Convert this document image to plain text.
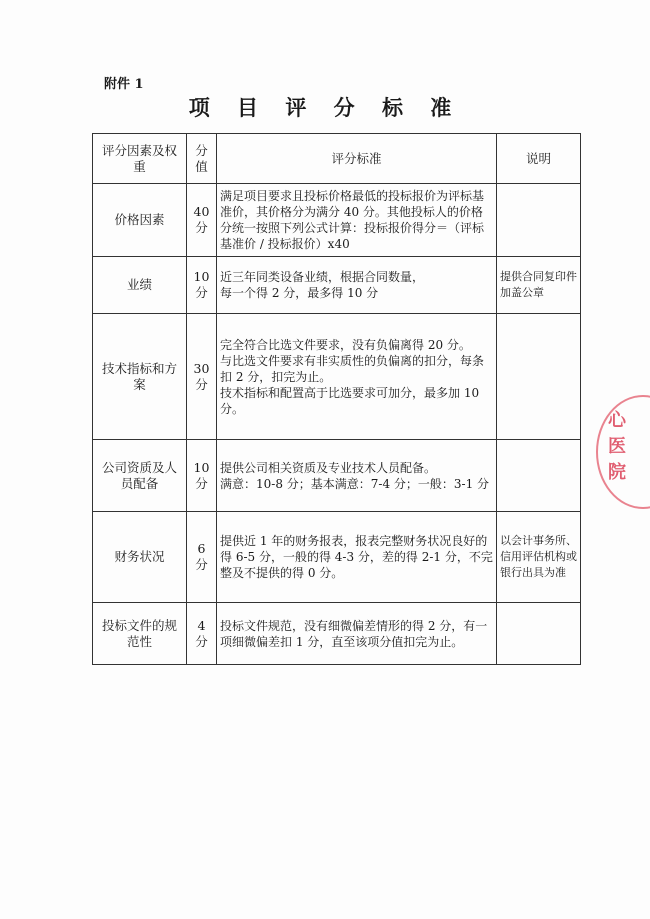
附件 1
项 目 评 分 标 准
评分因素及权重	分值	评分标准	说明
价格因素	40 分	满足项目要求且投标价格最低的投标报价为评标基准价，其价格分为满分 40 分。其他投标人的价格分统一按照下列公式计算：投标报价得分＝（评标基准价 / 投标报价）x40	

业绩	10 分	近三年同类设备业绩，根据合同数量，
每一个得 2 分，最多得 10 分	提供合同复印件加盖公章
技术指标和方案	30 分	完全符合比选文件要求，没有负偏离得 20 分。
与比选文件要求有非实质性的负偏离的扣分，每条扣 2 分，扣完为止。
技术指标和配置高于比选要求可加分，最多加 10 分。	

公司资质及人员配备	10 分	提供公司相关资质及专业技术人员配备。
满意：10-8 分；基本满意：7-4 分；一般：3-1 分	

财务状况	6 分	提供近 1 年的财务报表，报表完整财务状况良好的得 6-5 分，一般的得 4-3 分，差的得 2-1 分，不完整及不提供的得 0 分。	以会计事务所、信用评估机构或银行出具为准
投标文件的规范性	4 分	投标文件规范，没有细微偏差情形的得 2 分，有一项细微偏差扣 1 分，直至该项分值扣完为止。	

心医院
